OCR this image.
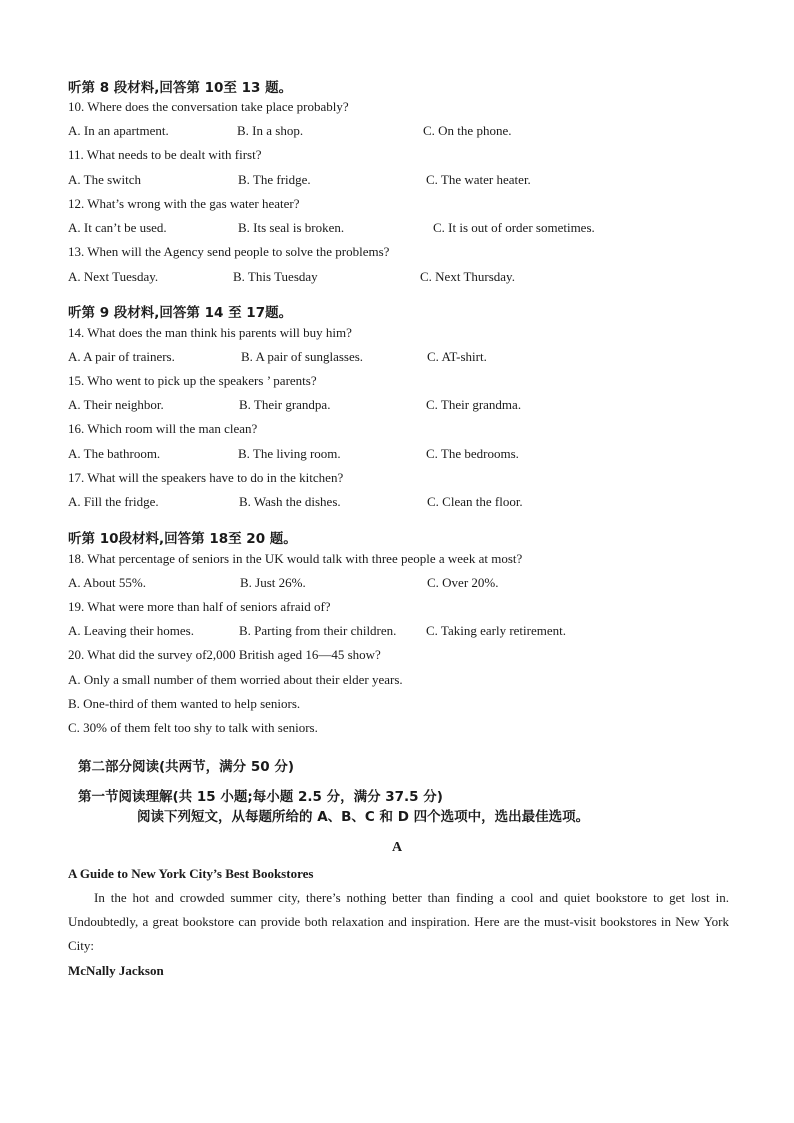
听第 8 段材料,回答第 10至 13 题。
10. Where does the conversation take place probably?
A. In an apartment.	B. In a shop.	C. On the phone.
11. What needs to be dealt with first?
A. The switch	B. The fridge.	C. The water heater.
12. What’s wrong with the gas water heater?
A. It can’t be used.	B. Its seal is broken.	C. It is out of order sometimes.
13. When will the Agency send people to solve the problems?
A. Next Tuesday.	B. This Tuesday	C. Next Thursday.
听第 9 段材料,回答第 14 至 17题。
14. What does the man think his parents will buy him?
A. A pair of trainers.	B. A pair of sunglasses.	C. AT-shirt.
15. Who went to pick up the speakers ’ parents?
A. Their neighbor.	B. Their grandpa.	C. Their grandma.
16. Which room will the man clean?
A. The bathroom.	B. The living room.	C. The bedrooms.
17. What will the speakers have to do in the kitchen?
A. Fill the fridge.	B. Wash the dishes.	C. Clean the floor.
听第 10段材料,回答第 18至 20 题。
18. What percentage of seniors in the UK would talk with three people a week at most?
A. About 55%.	B. Just 26%.	C. Over 20%.
19. What were more than half of seniors afraid of?
A. Leaving their homes.	B. Parting from their children. C. Taking early retirement.
20. What did the survey of2,000 British aged 16—45 show?
A. Only a small number of them worried about their elder years.
B. One-third of them wanted to help seniors.
C. 30% of them felt too shy to talk with seniors.
第二部分阅读(共两节，满分 50 分)
第一节阅读理解(共 15 小题;每小题 2.5 分，满分 37.5 分)
阅读下列短文，从每题所给的 A、B、C 和 D 四个选项中，选出最佳选项。
A
A Guide to New York City’s Best Bookstores
In the hot and crowded summer city, there’s nothing better than finding a cool and quiet bookstore to get lost in. Undoubtedly, a great bookstore can provide both relaxation and inspiration. Here are the must-visit bookstores in New York City:
McNally Jackson
